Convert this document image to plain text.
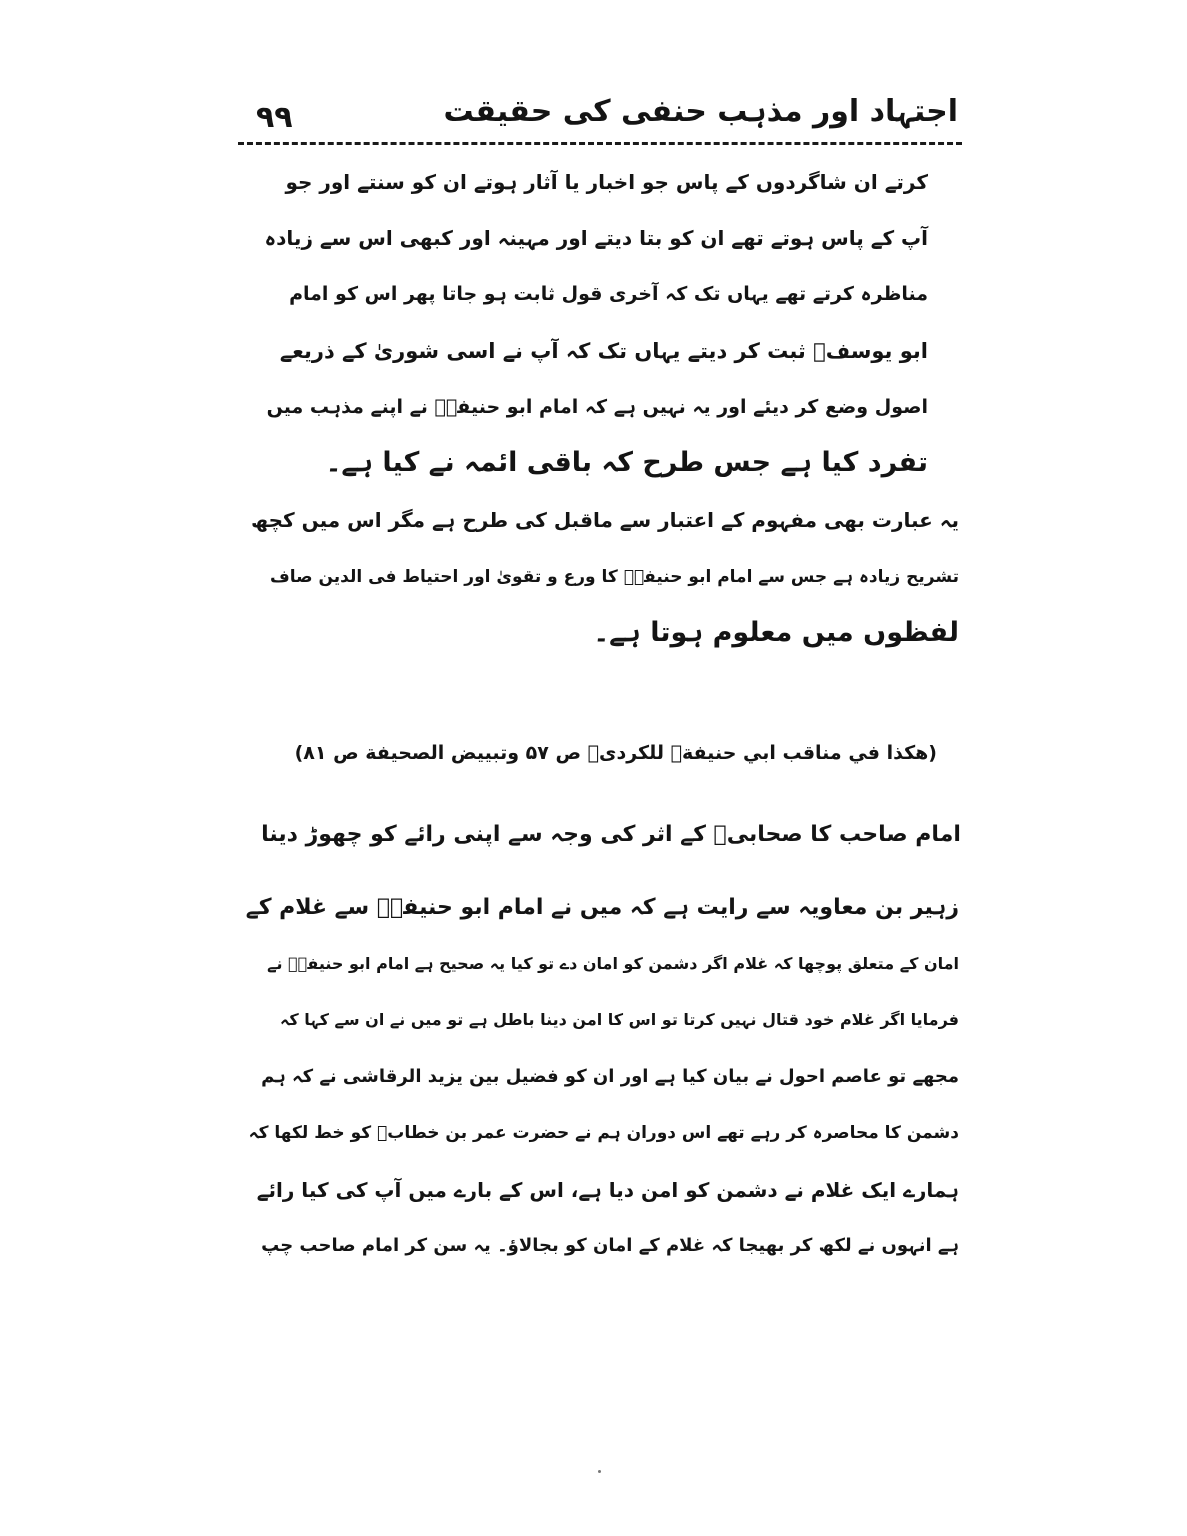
۹۹	اجتہاد اور مذہب حنفی کی حقیقت
کرتے ان شاگردوں کے پاس جو اخبار یا آثار ہوتے ان کو سنتے اور جو
آپ کے پاس ہوتے تھے ان کو بتا دیتے اور مہینہ اور کبھی اس سے زیادہ
مناظرہ کرتے تھے یہاں تک کہ آخری قول ثابت ہو جاتا پھر اس کو امام
ابو یوسفؒ ثبت کر دیتے یہاں تک کہ آپ نے اسی شوریٰ کے ذریعے
اصول وضع کر دیئے اور یہ نہیں ہے کہ امام ابو حنیفہؒ نے اپنے مذہب میں
تفرد کیا ہے جس طرح کہ باقی ائمہ نے کیا ہے۔
یہ عبارت بھی مفہوم کے اعتبار سے ماقبل کی طرح ہے مگر اس میں کچھ
تشریح زیادہ ہے جس سے امام ابو حنیفہؒ کا ورع و تقویٰ اور احتیاط فی الدین صاف
لفظوں میں معلوم ہوتا ہے۔
(هكذا في مناقب ابي حنيفةؒ للكردىؒ ص ۵۷ وتبييض الصحيفة ص ۸۱)
امام صاحب کا صحابیؓ کے اثر کی وجہ سے اپنی رائے کو چھوڑ دینا
زہیر بن معاویہ سے رایت ہے کہ میں نے امام ابو حنیفہؒ سے غلام کے
امان کے متعلق پوچھا کہ غلام اگر دشمن کو امان دے تو کیا یہ صحیح ہے امام ابو حنیفہؒ نے
فرمایا اگر غلام خود قتال نہیں کرتا تو اس کا امن دینا باطل ہے تو میں نے ان سے کہا کہ
مجھے تو عاصم احول نے بیان کیا ہے اور ان کو فضیل بین یزید الرقاشی نے کہ ہم
دشمن کا محاصرہ کر رہے تھے اس دوران ہم نے حضرت عمر بن خطابؓ کو خط لکھا کہ
ہمارے ایک غلام نے دشمن کو امن دیا ہے، اس کے بارے میں آپ کی کیا رائے
ہے انہوں نے لکھ کر بھیجا کہ غلام کے امان کو بجالاؤ۔ یہ سن کر امام صاحب چپ
